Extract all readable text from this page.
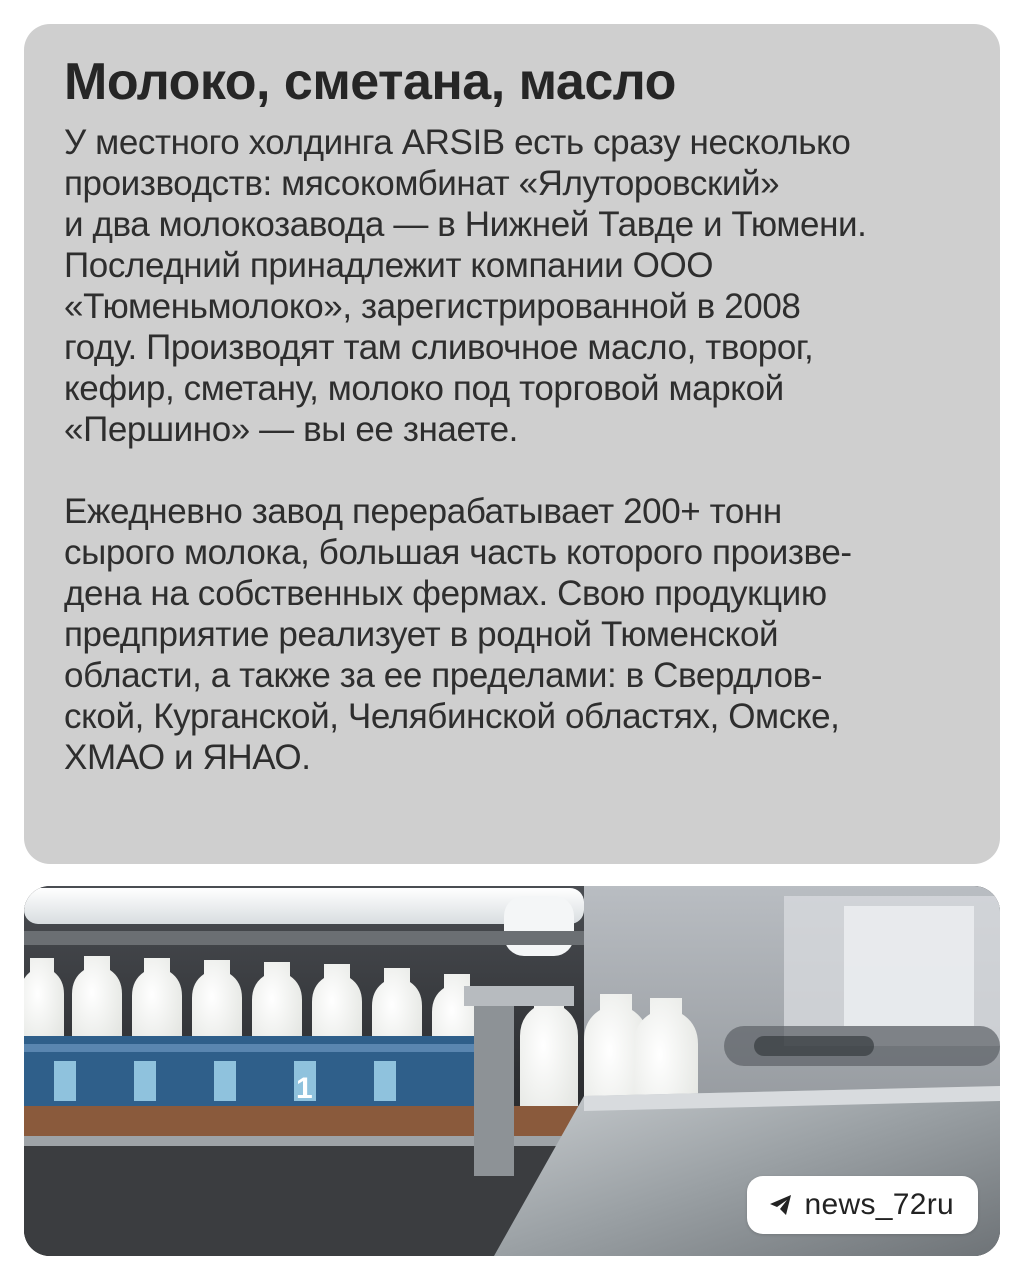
Молоко, сметана, масло

У местного холдинга ARSIB есть сразу несколько
производств: мясокомбинат «Ялуторовский»
и два молокозавода — в Нижней Тавде и Тюмени.
Последний принадлежит компании ООО
«Тюменьмолоко», зарегистрированной в 2008
году. Производят там сливочное масло, творог,
кефир, сметану, молоко под торговой маркой
«Першино» — вы ее знаете.

Ежедневно завод перерабатывает 200+ тонн
сырого молока, большая часть которого произве-
дена на собственных фермах. Свою продукцию
предприятие реализует в родной Тюменской
области, а также за ее пределами: в Свердлов-
ской, Курганской, Челябинской областях, Омске,
ХМАО и ЯНАО.

1
news_72ru
